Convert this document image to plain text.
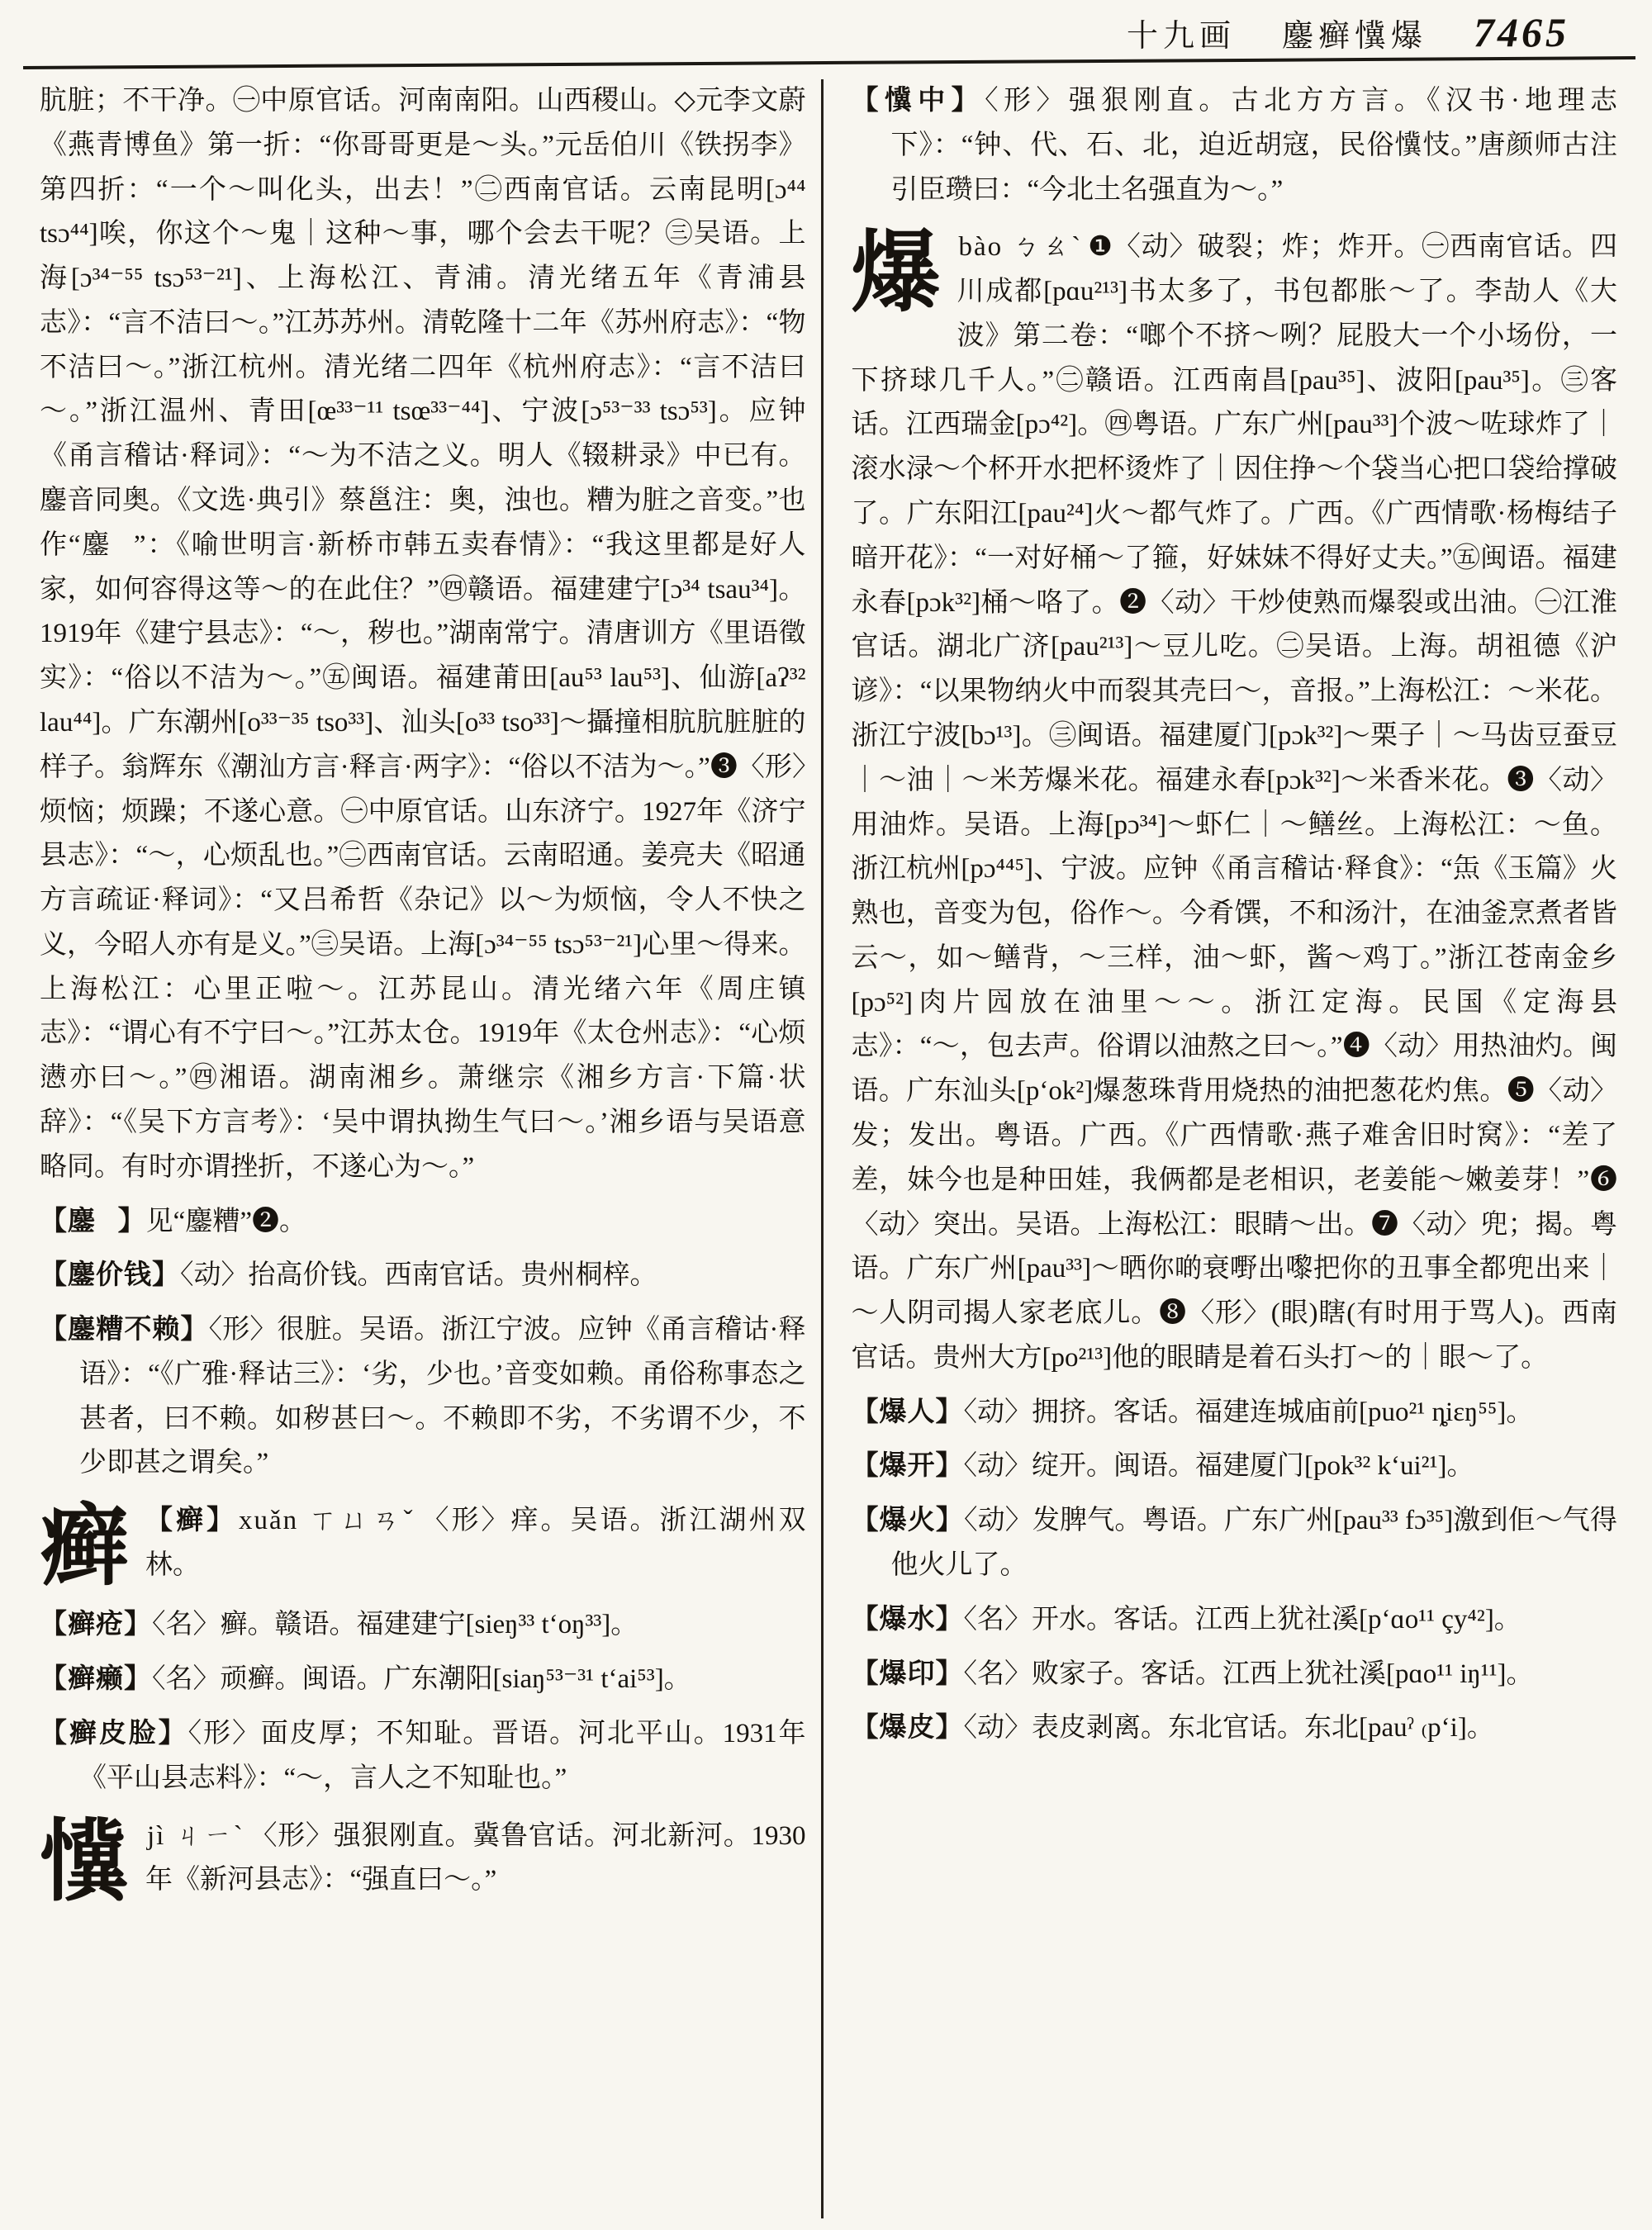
十九画 鏖癣懻爆 7465
肮脏；不干净。㊀中原官话。河南南阳。山西稷山。◇元李文蔚《燕青博鱼》第一折：“你哥哥更是～头。”元岳伯川《铁拐李》第四折：“一个～叫化头，出去！”㊁西南官话。云南昆明[ɔ⁴⁴ tsɔ⁴⁴]唉，你这个～鬼｜这种～事，哪个会去干呢？㊂吴语。上海[ɔ³⁴⁻⁵⁵ tsɔ⁵³⁻²¹]、上海松江、青浦。清光绪五年《青浦县志》：“言不洁曰～。”江苏苏州。清乾隆十二年《苏州府志》：“物不洁曰～。”浙江杭州。清光绪二四年《杭州府志》：“言不洁曰～。”浙江温州、青田[œ³³⁻¹¹ tsœ³³⁻⁴⁴]、宁波[ɔ⁵³⁻³³ tsɔ⁵³]。应钟《甬言稽诂·释词》：“～为不洁之义。明人《辍耕录》中已有。鏖音同奥。《文选·典引》蔡邕注：奥，浊也。糟为脏之音变。”也作“鏖𪘯”：《喻世明言·新桥市韩五卖春情》：“我这里都是好人家，如何容得这等～的在此住？”㊃赣语。福建建宁[ɔ³⁴ tsau³⁴]。1919年《建宁县志》：“～，秽也。”湖南常宁。清唐训方《里语徵实》：“俗以不洁为～。”㊄闽语。福建莆田[au⁵³ lau⁵³]、仙游[aʔ³² lau⁴⁴]。广东潮州[o³³⁻³⁵ tso³³]、汕头[o³³ tso³³]～攝撞相肮肮脏脏的样子。翁辉东《潮汕方言·释言·两字》：“俗以不洁为～。”❸〈形〉烦恼；烦躁；不遂心意。㊀中原官话。山东济宁。1927年《济宁县志》：“～，心烦乱也。”㊁西南官话。云南昭通。姜亮夫《昭通方言疏证·释词》：“又吕希哲《杂记》以～为烦恼，令人不快之义，今昭人亦有是义。”㊂吴语。上海[ɔ³⁴⁻⁵⁵ tsɔ⁵³⁻²¹]心里～得来。上海松江：心里正啦～。江苏昆山。清光绪六年《周庄镇志》：“谓心有不宁曰～。”江苏太仓。1919年《太仓州志》：“心烦懑亦曰～。”㊃湘语。湖南湘乡。萧继宗《湘乡方言·下篇·状辞》：“《吴下方言考》：‘吴中谓执拗生气曰～。’湘乡语与吴语意略同。有时亦谓挫折，不遂心为～。”
【鏖𪘯】见“鏖糟”❷。
【鏖价钱】〈动〉抬高价钱。西南官话。贵州桐梓。
【鏖糟不赖】〈形〉很脏。吴语。浙江宁波。应钟《甬言稽诂·释语》：“《广雅·释诂三》：‘劣，少也。’音变如赖。甬俗称事态之甚者，曰不赖。如秽甚曰～。不赖即不劣，不劣谓不少，不少即甚之谓矣。”
癣 【癣】xuǎn ㄒㄩㄢˇ 〈形〉痒。吴语。浙江湖州双林。
【癣疮】〈名〉癣。赣语。福建建宁[sieŋ³³ t‘oŋ³³]。
【癣癞】〈名〉顽癣。闽语。广东潮阳[siaŋ⁵³⁻³¹ t‘ai⁵³]。
【癣皮脸】〈形〉面皮厚；不知耻。晋语。河北平山。1931年《平山县志料》：“～，言人之不知耻也。”
懻 jì ㄐㄧˋ 〈形〉强狠刚直。冀鲁官话。河北新河。1930年《新河县志》：“强直曰～。”
【懻中】〈形〉强狠刚直。古北方方言。《汉书·地理志下》：“钟、代、石、北，迫近胡寇，民俗懻忮。”唐颜师古注引臣瓒曰：“今北土名强直为～。”
爆 bào ㄅㄠˋ ❶〈动〉破裂；炸；炸开。㊀西南官话。四川成都[pɑu²¹³]书太多了，书包都胀～了。李劼人《大波》第二卷：“啷个不挤～咧？屁股大一个小场份，一下挤球几千人。”㊁赣语。江西南昌[pau³⁵]、波阳[pau³⁵]。㊂客话。江西瑞金[pɔ⁴²]。㊃粤语。广东广州[pau³³]个波～咗球炸了｜滚水渌～个杯开水把杯烫炸了｜因住挣～个袋当心把口袋给撑破了。广东阳江[pau²⁴]火～都气炸了。广西。《广西情歌·杨梅结子暗开花》：“一对好桶～了箍，好妹妹不得好丈夫。”㊄闽语。福建永春[pɔk³²]桶～咯了。❷〈动〉干炒使熟而爆裂或出油。㊀江淮官话。湖北广济[pau²¹³]～豆儿吃。㊁吴语。上海。胡祖德《沪谚》：“以果物纳火中而裂其壳曰～，音报。”上海松江：～米花。浙江宁波[bɔ¹³]。㊂闽语。福建厦门[pɔk³²]～栗子｜～马齿豆蚕豆｜～油｜～米芳爆米花。福建永春[pɔk³²]～米香米花。❸〈动〉用油炸。吴语。上海[pɔ³⁴]～虾仁｜～鳝丝。上海松江：～鱼。浙江杭州[pɔ⁴⁴⁵]、宁波。应钟《甬言稽诂·释食》：“缹《玉篇》火熟也，音变为包，俗作～。今肴馔，不和汤汁，在油釜烹煮者皆云～，如～鳝背，～三样，油～虾，酱～鸡丁。”浙江苍南金乡[pɔ⁵²]肉片囥放在油里～～。浙江定海。民国《定海县志》：“～，包去声。俗谓以油熬之曰～。”❹〈动〉用热油灼。闽语。广东汕头[p‘ok²]爆葱珠背用烧热的油把葱花灼焦。❺〈动〉发；发出。粤语。广西。《广西情歌·燕子难舍旧时窝》：“差了差，妹今也是种田娃，我俩都是老相识，老姜能～嫩姜芽！”❻〈动〉突出。吴语。上海松江：眼睛～出。❼〈动〉兜；揭。粤语。广东广州[pau³³]～晒你啲衰嘢出嚟把你的丑事全都兜出来｜～人阴司揭人家老底儿。❽〈形〉(眼)瞎(有时用于骂人)。西南官话。贵州大方[po²¹³]他的眼睛是着石头打～的｜眼～了。
【爆人】〈动〉拥挤。客话。福建连城庙前[puo²¹ ȵiɛŋ⁵⁵]。
【爆开】〈动〉绽开。闽语。福建厦门[pok³² k‘ui²¹]。
【爆火】〈动〉发脾气。粤语。广东广州[pau³³ fɔ³⁵]激到佢～气得他火儿了。
【爆水】〈名〉开水。客话。江西上犹社溪[p‘ɑo¹¹ çy⁴²]。
【爆印】〈名〉败家子。客话。江西上犹社溪[pɑo¹¹ iŋ¹¹]。
【爆皮】〈动〉表皮剥离。东北官话。东北[pauˀ ₍p‘i]。
